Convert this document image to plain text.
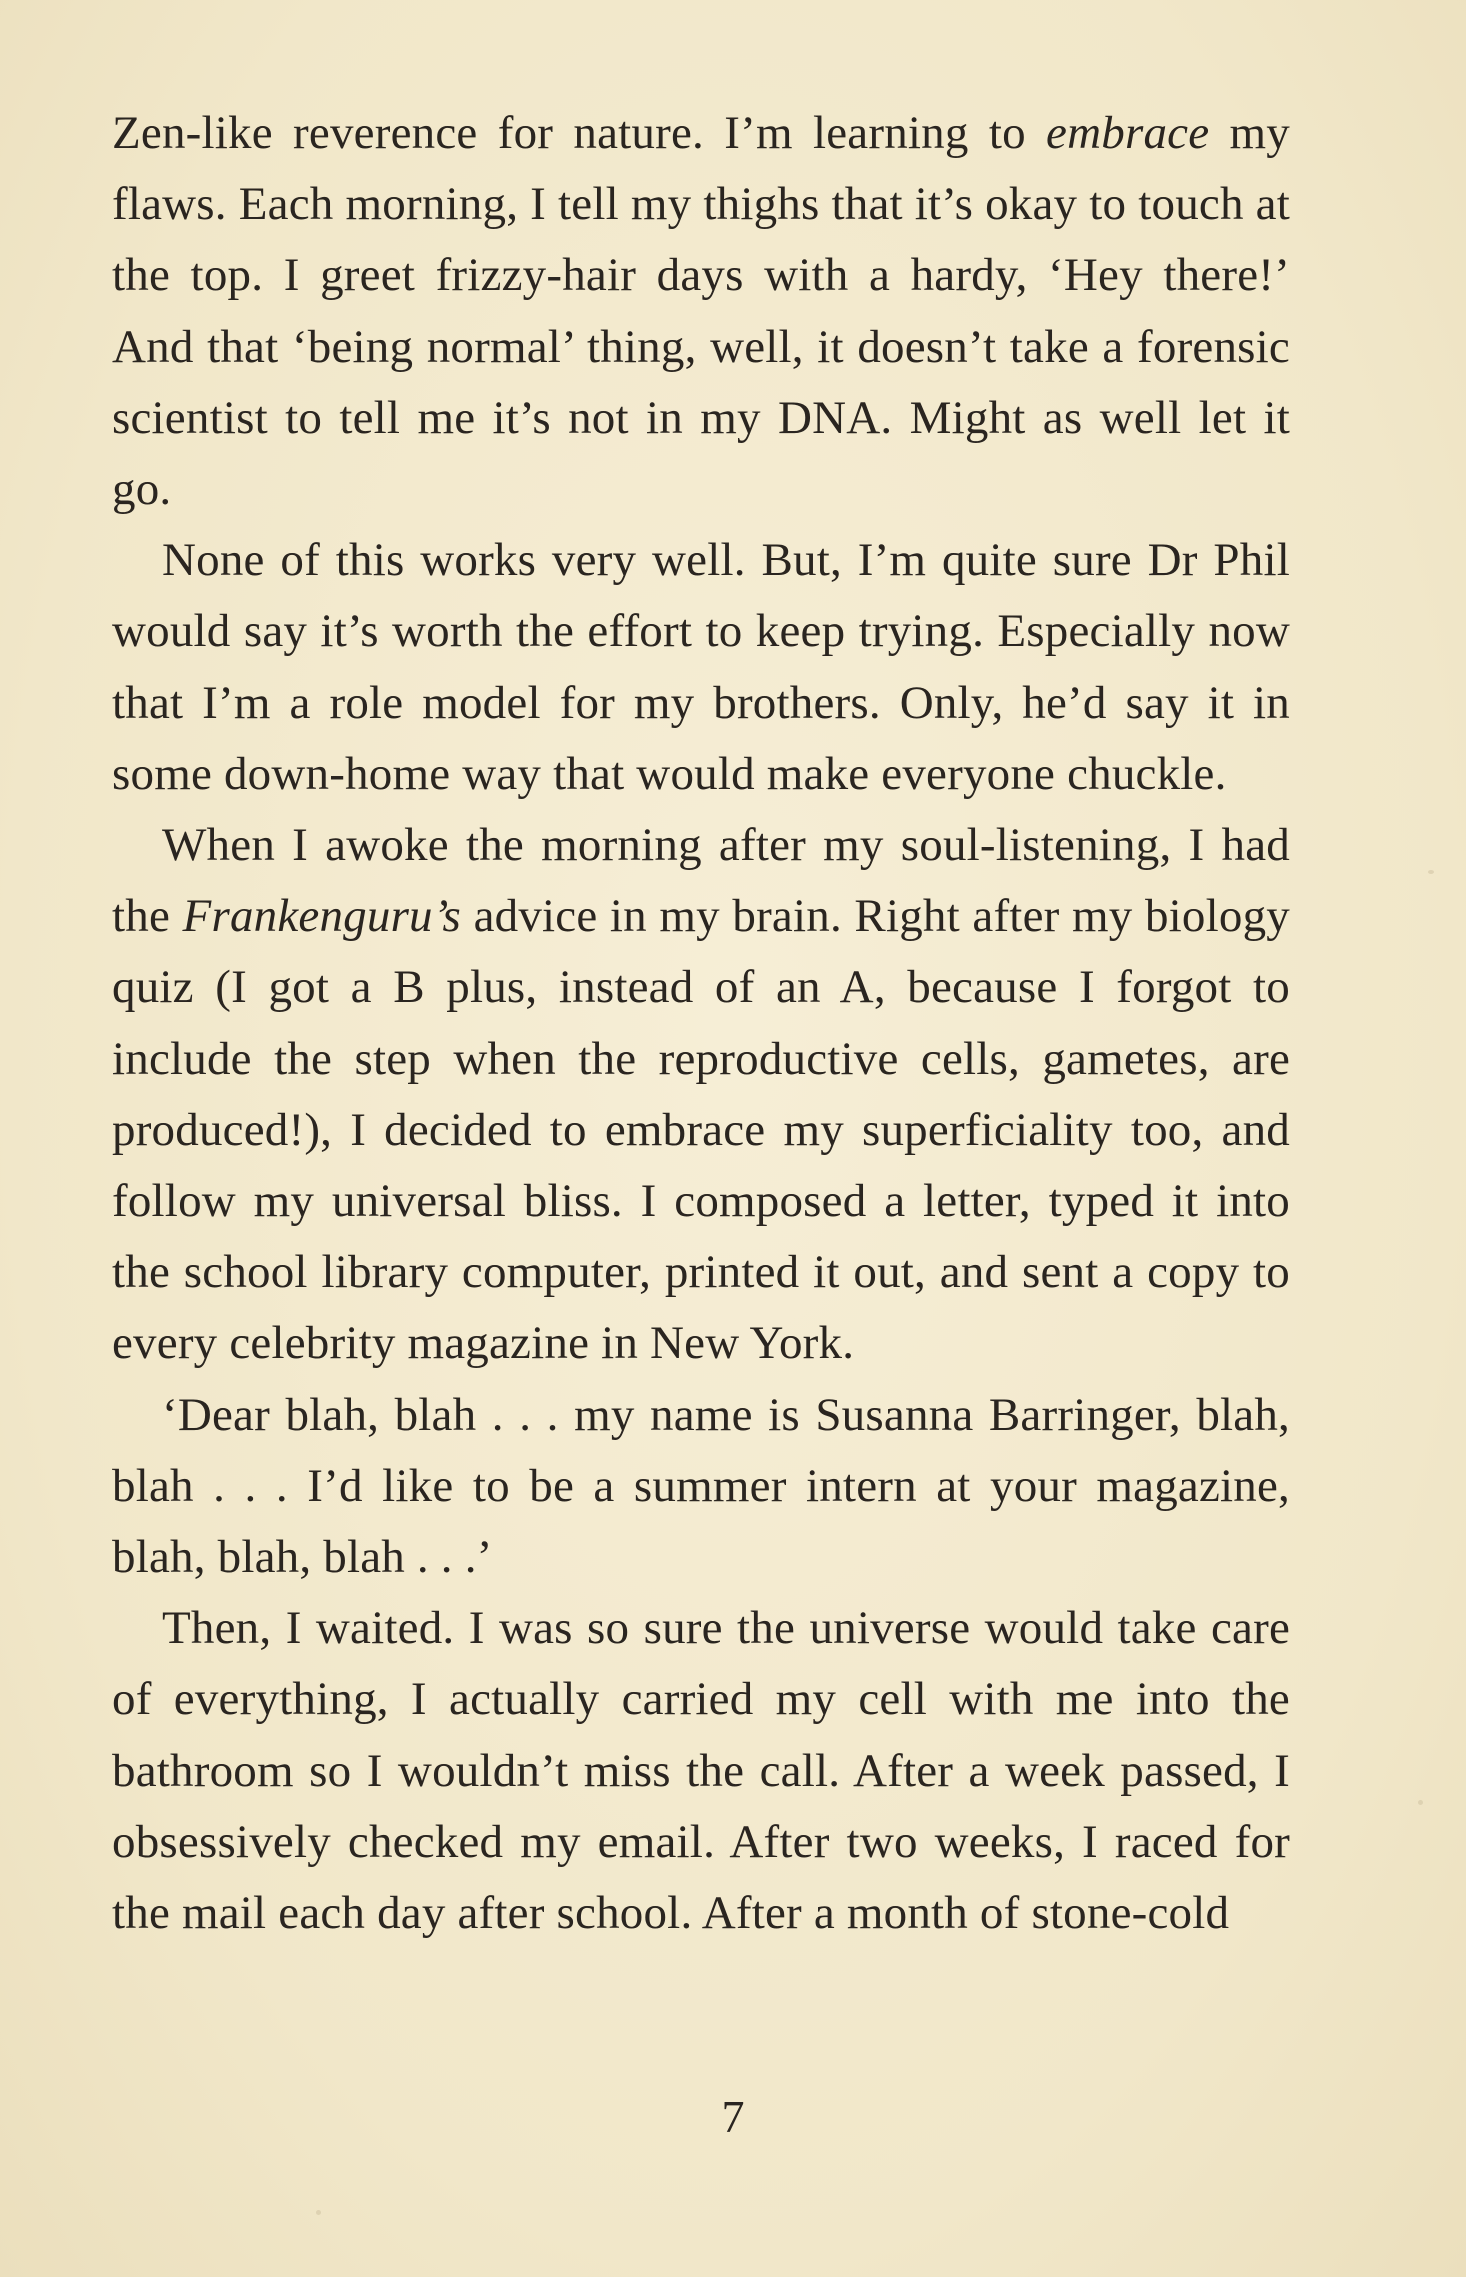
Zen-like reverence for nature. I’m learning to embrace my flaws. Each morning, I tell my thighs that it’s okay to touch at the top. I greet frizzy-hair days with a hardy, ‘Hey there!’ And that ‘being normal’ thing, well, it doesn’t take a forensic scientist to tell me it’s not in my DNA. Might as well let it go.

None of this works very well. But, I’m quite sure Dr Phil would say it’s worth the effort to keep trying. Especially now that I’m a role model for my brothers. Only, he’d say it in some down-home way that would make everyone chuckle.

When I awoke the morning after my soul-listening, I had the Frankenguru’s advice in my brain. Right after my biology quiz (I got a B plus, instead of an A, because I forgot to include the step when the reproductive cells, gametes, are produced!), I decided to embrace my superficiality too, and follow my universal bliss. I composed a letter, typed it into the school library computer, printed it out, and sent a copy to every celebrity magazine in New York.

‘Dear blah, blah . . . my name is Susanna Barringer, blah, blah . . . I’d like to be a summer intern at your magazine, blah, blah, blah . . .’

Then, I waited. I was so sure the universe would take care of everything, I actually carried my cell with me into the bathroom so I wouldn’t miss the call. After a week passed, I obsessively checked my email. After two weeks, I raced for the mail each day after school. After a month of stone-cold

7
